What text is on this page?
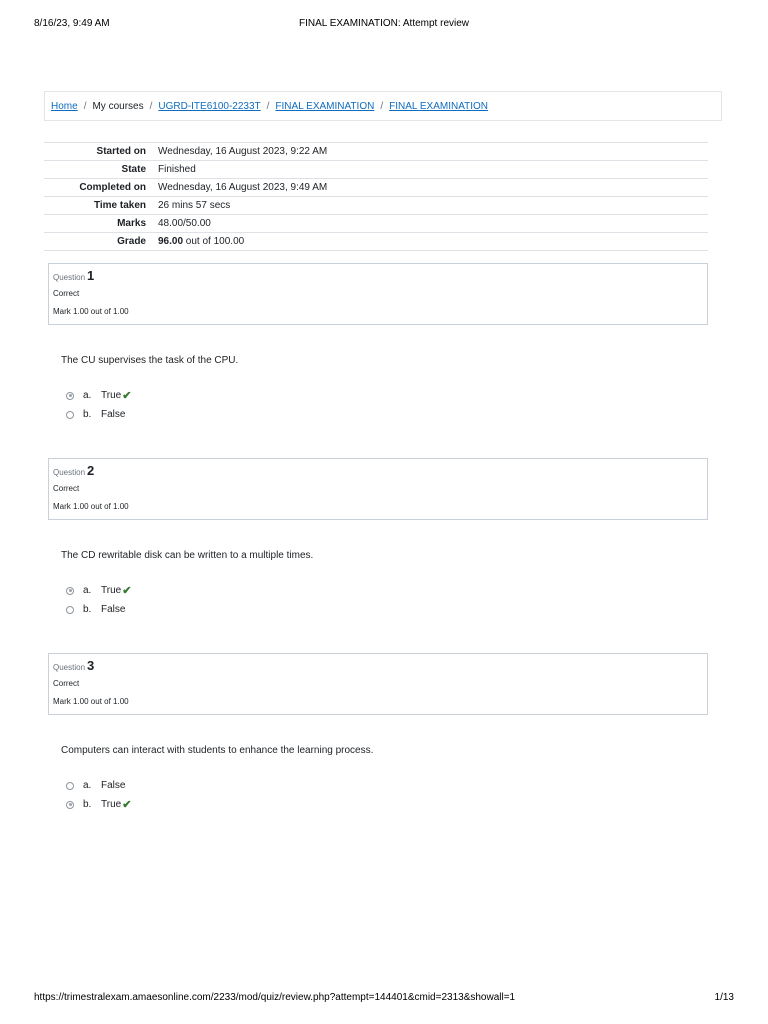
8/16/23, 9:49 AM	FINAL EXAMINATION: Attempt review
Home / My courses / UGRD-ITE6100-2233T / FINAL EXAMINATION / FINAL EXAMINATION
Started on	Wednesday, 16 August 2023, 9:22 AM
State	Finished
Completed on	Wednesday, 16 August 2023, 9:49 AM
Time taken	26 mins 57 secs
Marks	48.00/50.00
Grade	96.00 out of 100.00
Question 1
Correct
Mark 1.00 out of 1.00
The CU supervises the task of the CPU.
a. True ✔
b. False
Question 2
Correct
Mark 1.00 out of 1.00
The CD rewritable disk can be written to a multiple times.
a. True ✔
b. False
Question 3
Correct
Mark 1.00 out of 1.00
Computers can interact with students to enhance the learning process.
a. False
b. True ✔
https://trimestralexam.amaesonline.com/2233/mod/quiz/review.php?attempt=144401&cmid=2313&showall=1	1/13
